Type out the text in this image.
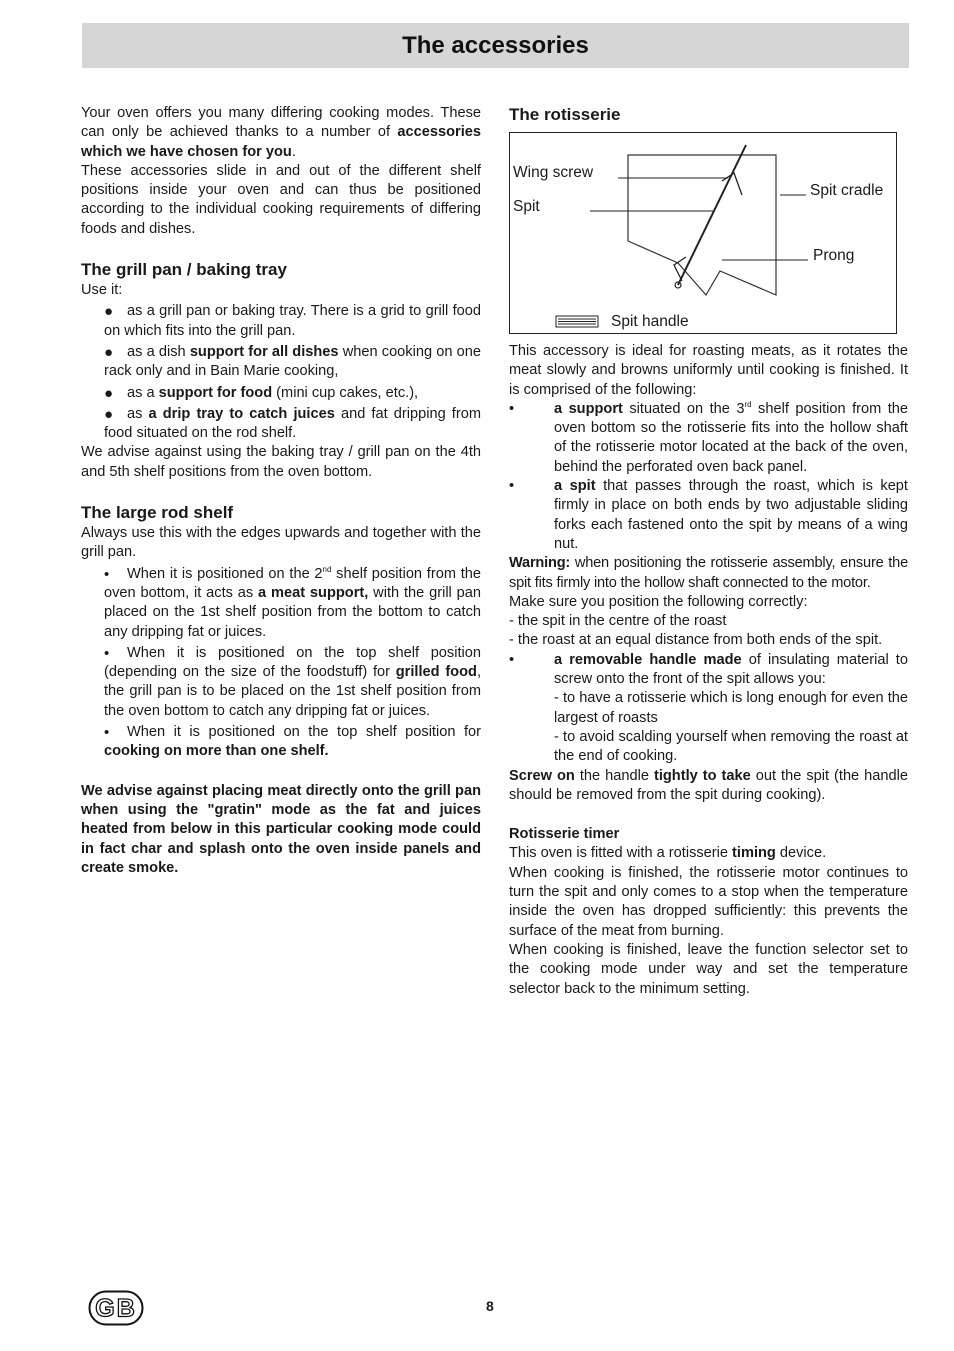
The accessories

Your oven offers you many differing cooking modes. These can only be achieved thanks to a number of accessories which we have chosen for you.

These accessories slide in and out of the different shelf positions inside your oven and can thus be positioned according to the individual cooking requirements of differing foods and dishes.

The grill pan / baking tray

Use it:

● as a grill pan or baking tray. There is a grid to grill food on which fits into the grill pan.
● as a dish support for all dishes when cooking on one rack only and in Bain Marie cooking,
● as a support for food (mini cup cakes, etc.),
● as a drip tray to catch juices and fat dripping from food situated on the rod shelf.

We advise against using the baking tray / grill pan on the 4th and 5th shelf positions from the oven bottom.

The large rod shelf

Always use this with the edges upwards and together with the grill pan.

•	When it is positioned on the 2nd shelf position from the oven bottom, it acts as a meat support, with the grill pan placed on the 1st shelf position from the bottom to catch any dripping fat or juices.
•	When it is positioned on the top shelf position (depending on the size of the foodstuff) for grilled food, the grill pan is to be placed on the 1st shelf position from the oven bottom to catch any dripping fat or juices.
•	When it is positioned on the top shelf position for cooking on more than one shelf.

We advise against placing meat directly onto the grill pan when using the "gratin" mode as the fat and juices heated from below in this particular cooking mode could in fact char and splash onto the oven inside panels and create smoke.

The rotisserie
Wing screw
Spit
Spit cradle
Prong
Spit handle

This accessory is ideal for roasting meats, as it rotates the meat slowly and browns uniformly until cooking is finished. It is comprised of the following:

•	a support situated on the 3rd shelf position from the oven bottom so the rotisserie fits into the hollow shaft of the rotisserie motor located at the back of the oven, behind the perforated oven back panel.
•	a spit that passes through the roast, which is kept firmly in place on both ends by two adjustable sliding forks each fastened onto the spit by means of a wing nut.

Warning: when positioning the rotisserie assembly, ensure the spit fits firmly into the hollow shaft connected to the motor.

Make sure you position the following correctly:

- the spit in the centre of the roast

- the roast at an equal distance from both ends of the spit.

•	a removable handle made of insulating material to screw onto the front of the spit allows you:
- to have a rotisserie which is long enough for even the largest of roasts
- to avoid scalding yourself when removing the roast at the end of cooking.

Screw on the handle tightly to take out the spit (the handle should be removed from the spit during cooking).

Rotisserie timer

This oven is fitted with a rotisserie timing device.

When cooking is finished, the rotisserie motor continues to turn the spit and only comes to a stop when the temperature inside the oven has dropped sufficiently: this prevents the surface of the meat from burning.

When cooking is finished, leave the function selector set to the cooking mode under way and set the temperature selector back to the minimum setting.

GB	8
